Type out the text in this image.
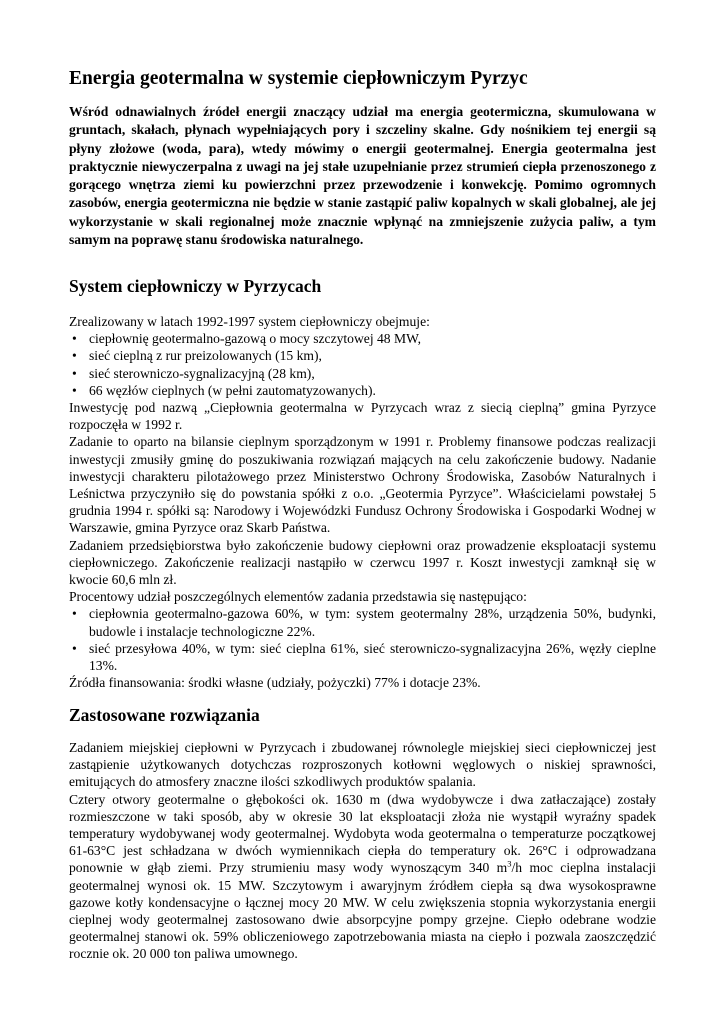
Energia geotermalna w systemie ciepłowniczym Pyrzyc

Wśród odnawialnych źródeł energii znaczący udział ma energia geotermiczna, skumulowana w gruntach, skałach, płynach wypełniających pory i szczeliny skalne. Gdy nośnikiem tej energii są płyny złożowe (woda, para), wtedy mówimy o energii geotermalnej. Energia geotermalna jest praktycznie niewyczerpalna z uwagi na jej stałe uzupełnianie przez strumień ciepła przenoszonego z gorącego wnętrza ziemi ku powierzchni przez przewodzenie i konwekcję. Pomimo ogromnych zasobów, energia geotermiczna nie będzie w stanie zastąpić paliw kopalnych w skali globalnej, ale jej wykorzystanie w skali regionalnej może znacznie wpłynąć na zmniejszenie zużycia paliw, a tym samym na poprawę stanu środowiska naturalnego.

System ciepłowniczy w Pyrzycach

Zrealizowany w latach 1992-1997 system ciepłowniczy obejmuje:

• ciepłownię geotermalno-gazową o mocy szczytowej 48 MW,
• sieć cieplną z rur preizolowanych (15 km),
• sieć sterowniczo-sygnalizacyjną (28 km),
• 66 węzłów cieplnych (w pełni zautomatyzowanych).

Inwestycję pod nazwą „Ciepłownia geotermalna w Pyrzycach wraz z siecią cieplną” gmina Pyrzyce rozpoczęła w 1992 r.

Zadanie to oparto na bilansie cieplnym sporządzonym w 1991 r. Problemy finansowe podczas realizacji inwestycji zmusiły gminę do poszukiwania rozwiązań mających na celu zakończenie budowy. Nadanie inwestycji charakteru pilotażowego przez Ministerstwo Ochrony Środowiska, Zasobów Naturalnych i Leśnictwa przyczyniło się do powstania spółki z o.o. „Geotermia Pyrzyce”. Właścicielami powstałej 5 grudnia 1994 r. spółki są: Narodowy i Wojewódzki Fundusz Ochrony Środowiska i Gospodarki Wodnej w Warszawie, gmina Pyrzyce oraz Skarb Państwa.

Zadaniem przedsiębiorstwa było zakończenie budowy ciepłowni oraz prowadzenie eksploatacji systemu ciepłowniczego. Zakończenie realizacji nastąpiło w czerwcu 1997 r. Koszt inwestycji zamknął się w kwocie 60,6 mln zł.

Procentowy udział poszczególnych elementów zadania przedstawia się następująco:

• ciepłownia geotermalno-gazowa 60%, w tym: system geotermalny 28%, urządzenia 50%, budynki, budowle i instalacje technologiczne 22%.
• sieć przesyłowa 40%, w tym: sieć cieplna 61%, sieć sterowniczo-sygnalizacyjna 26%, węzły cieplne 13%.

Źródła finansowania: środki własne (udziały, pożyczki) 77% i dotacje 23%.

Zastosowane rozwiązania

Zadaniem miejskiej ciepłowni w Pyrzycach i zbudowanej równolegle miejskiej sieci ciepłowniczej jest zastąpienie użytkowanych dotychczas rozproszonych kotłowni węglowych o niskiej sprawności, emitujących do atmosfery znaczne ilości szkodliwych produktów spalania.

Cztery otwory geotermalne o głębokości ok. 1630 m (dwa wydobywcze i dwa zatłaczające) zostały rozmieszczone w taki sposób, aby w okresie 30 lat eksploatacji złoża nie wystąpił wyraźny spadek temperatury wydobywanej wody geotermalnej. Wydobyta woda geotermalna o temperaturze początkowej 61-63°C jest schładzana w dwóch wymiennikach ciepła do temperatury ok. 26°C i odprowadzana ponownie w głąb ziemi. Przy strumieniu masy wody wynoszącym 340 $m^3/h$ moc cieplna instalacji geotermalnej wynosi ok. 15 MW. Szczytowym i awaryjnym źródłem ciepła są dwa wysokosprawne gazowe kotły kondensacyjne o łącznej mocy 20 MW. W celu zwiększenia stopnia wykorzystania energii cieplnej wody geotermalnej zastosowano dwie absorpcyjne pompy grzejne. Ciepło odebrane wodzie geotermalnej stanowi ok. 59% obliczeniowego zapotrzebowania miasta na ciepło i pozwala zaoszczędzić rocznie ok. 20 000 ton paliwa umownego.
